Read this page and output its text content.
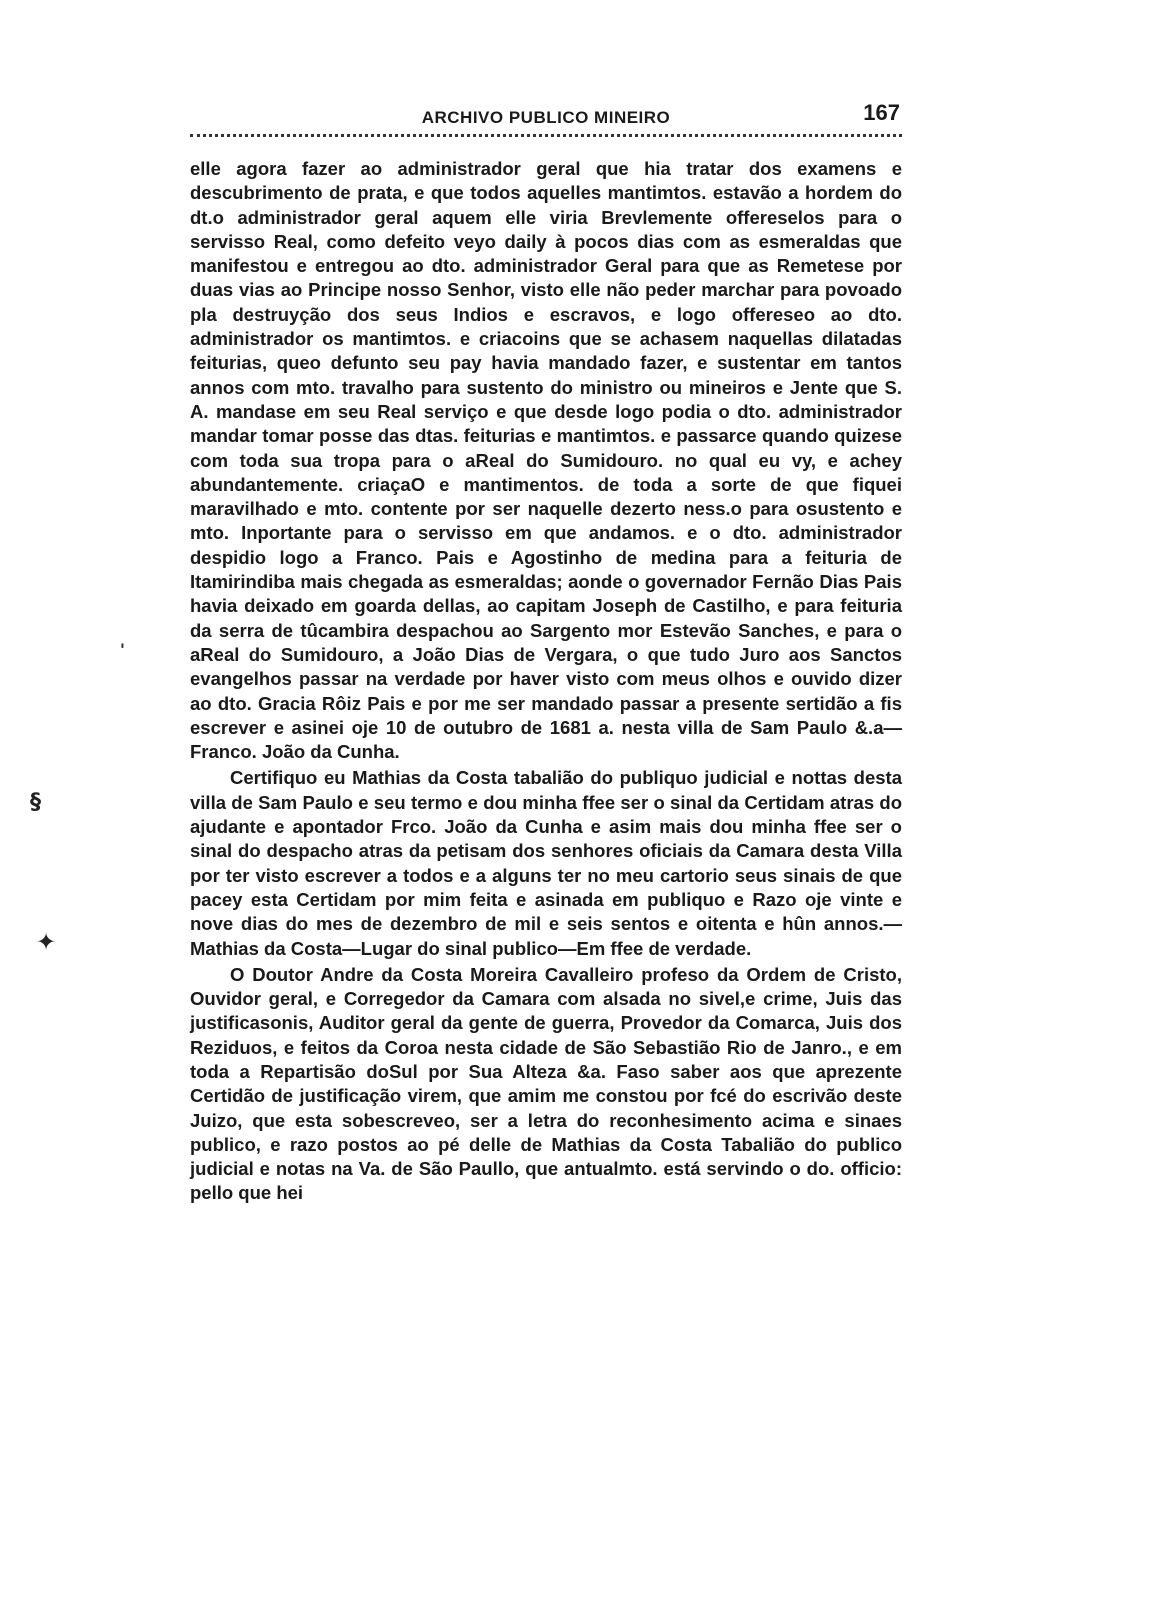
ARCHIVO PUBLICO MINEIRO	167

elle agora fazer ao administrador geral que hia tratar dos examens e descubrimento de prata, e que todos aquelles mantimtos. estavão a hordem do dt.o administrador geral aquem elle viria Brevlemente offereselos para o servisso Real, como defeito veyo daily à pocos dias com as esmeraldas que manifestou e entregou ao dto. administrador Geral para que as Remetese por duas vias ao Principe nosso Senhor, visto elle não peder marchar para povoado pla destruyção dos seus Indios e escravos, e logo offereseo ao dto. administrador os mantimtos. e criacoins que se achasem naquellas dilatadas feiturias, queo defunto seu pay havia mandado fazer, e sustentar em tantos annos com mto. travalho para sustento do ministro ou mineiros e Jente que S. A. mandase em seu Real serviço e que desde logo podia o dto. administrador mandar tomar posse das dtas. feiturias e mantimtos. e passarce quando quizese com toda sua tropa para o aReal do Sumidouro. no qual eu vy, e achey abundantemente. criaçaO e mantimentos. de toda a sorte de que fiquei maravilhado e mto. contente por ser naquelle dezerto ness.o para osustento e mto. Inportante para o servisso em que andamos. e o dto. administrador despidio logo a Franco. Pais e Agostinho de medina para a feituria de Itamirindiba mais chegada as esmeraldas; aonde o governador Fernão Dias Pais havia deixado em goarda dellas, ao capitam Joseph de Castilho, e para feituria da serra de tûcambira despachou ao Sargento mor Estevão Sanches, e para o aReal do Sumidouro, a João Dias de Vergara, o que tudo Juro aos Sanctos evangelhos passar na verdade por haver visto com meus olhos e ouvido dizer ao dto. Gracia Rôiz Pais e por me ser mandado passar a presente sertidão a fis escrever e asinei oje 10 de outubro de 1681 a. nesta villa de Sam Paulo &.a—Franco. João da Cunha.

Certifiquo eu Mathias da Costa tabalião do publiquo judicial e nottas desta villa de Sam Paulo e seu termo e dou minha ffee ser o sinal da Certidam atras do ajudante e apontador Frco. João da Cunha e asim mais dou minha ffee ser o sinal do despacho atras da petisam dos senhores oficiais da Camara desta Villa por ter visto escrever a todos e a alguns ter no meu cartorio seus sinais de que pacey esta Certidam por mim feita e asinada em publiquo e Razo oje vinte e nove dias do mes de dezembro de mil e seis sentos e oitenta e hûn annos.—Mathias da Costa—Lugar do sinal publico—Em ffee de verdade.

O Doutor Andre da Costa Moreira Cavalleiro profeso da Ordem de Cristo, Ouvidor geral, e Corregedor da Camara com alsada no sivel,e crime, Juis das justificasonis, Auditor geral da gente de guerra, Provedor da Comarca, Juis dos Reziduos, e feitos da Coroa nesta cidade de São Sebastião Rio de Janro., e em toda a Repartisão doSul por Sua Alteza &a. Faso saber aos que aprezente Certidão de justificação virem, que amim me constou por fcé do escrivão deste Juizo, que esta sobescreveo, ser a letra do reconhesimento acima e sinaes publico, e razo postos ao pé delle de Mathias da Costa Tabalião do publico judicial e notas na Va. de São Paullo, que antualmto. está servindo o do. officio: pello que hei

'
§
✦
